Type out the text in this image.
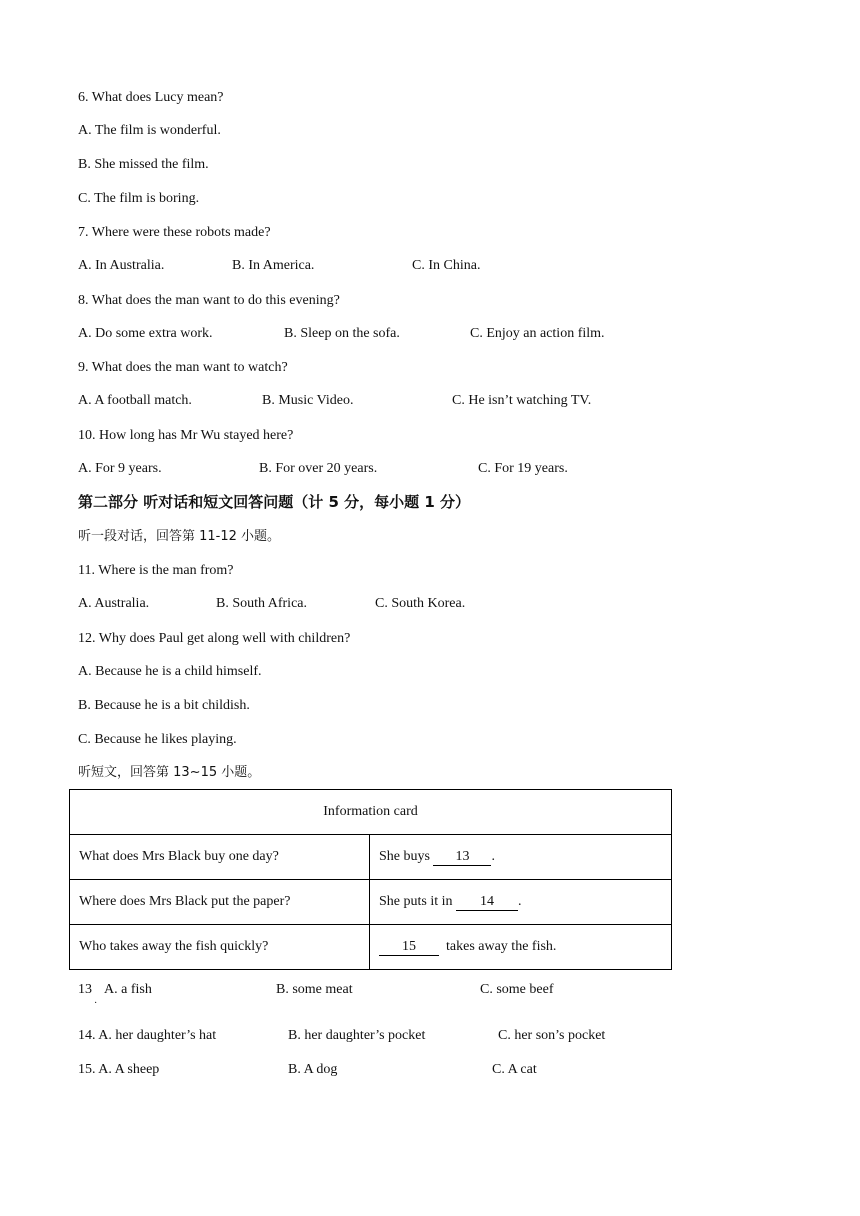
6. What does Lucy mean?
A. The film is wonderful.
B. She missed the film.
C. The film is boring.
7. Where were these robots made?
A. In Australia.	B. In America.	C. In China.
8. What does the man want to do this evening?
A. Do some extra work.	B. Sleep on the sofa.	C. Enjoy an action film.
9. What does the man want to watch?
A. A football match.	B. Music Video.	C. He isn’t watching TV.
10. How long has Mr Wu stayed here?
A. For 9 years.	B. For over 20 years.	C. For 19 years.
第二部分 听对话和短文回答问题（计 5 分，每小题 1 分）
听一段对话，回答第 11-12 小题。
11. Where is the man from?
A. Australia.	B. South Africa.	C. South Korea.
12. Why does Paul get along well with children?
A. Because he is a child himself.
B. Because he is a bit childish.
C. Because he likes playing.
听短文，回答第 13~15 小题。
Information card	
What does Mrs Black buy one day?	She buys 13 .
Where does Mrs Black put the paper?	She puts it in 14 .
Who takes away the fish quickly?	15  takes away the fish.
13
·
A. a fish	B. some meat	C. some beef
14. A. her daughter’s hat	B. her daughter’s pocket	C. her son’s pocket
15. A. A sheep	B. A dog	C. A cat
